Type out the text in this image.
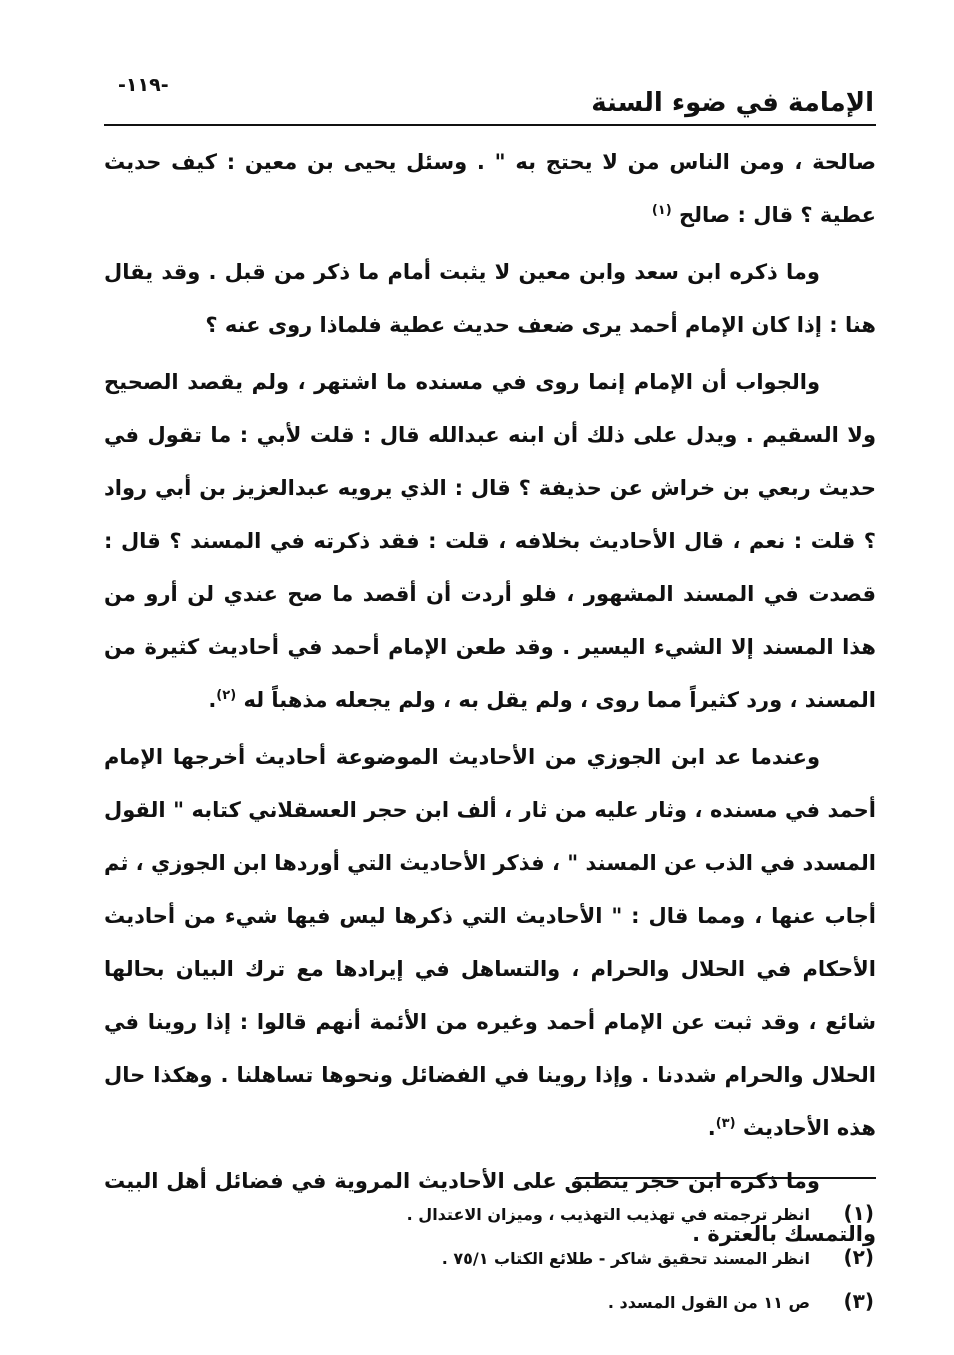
-١١٩-
الإمامة في ضوء السنة

صالحة ، ومن الناس من لا يحتج به " . وسئل يحيى بن معين : كيف حديث عطية ؟ قال : صالح $^{(١)}$

وما ذكره ابن سعد وابن معين لا يثبت أمام ما ذكر من قبل . وقد يقال هنا : إذا كان الإمام أحمد يرى ضعف حديث عطية فلماذا روى عنه ؟

والجواب أن الإمام إنما روى في مسنده ما اشتهر ، ولم يقصد الصحيح ولا السقيم . ويدل على ذلك أن ابنه عبدالله قال : قلت لأبي : ما تقول في حديث ربعي بن خراش عن حذيفة ؟ قال : الذي يرويه عبدالعزيز بن أبي رواد ؟ قلت : نعم ، قال الأحاديث بخلافه ، قلت : فقد ذكرته في المسند ؟ قال : قصدت في المسند المشهور ، فلو أردت أن أقصد ما صح عندي لن أرو من هذا المسند إلا الشيء اليسير . وقد طعن الإمام أحمد في أحاديث كثيرة من المسند ، ورد كثيراً مما روى ، ولم يقل به ، ولم يجعله مذهباً له $^{(٢)}$.

وعندما عد ابن الجوزي من الأحاديث الموضوعة أحاديث أخرجها الإمام أحمد في مسنده ، وثار عليه من ثار ، ألف ابن حجر العسقلاني كتابه " القول المسدد في الذب عن المسند " ، فذكر الأحاديث التي أوردها ابن الجوزي ، ثم أجاب عنها ، ومما قال : " الأحاديث التي ذكرها ليس فيها شيء من أحاديث الأحكام في الحلال والحرام ، والتساهل في إيرادها مع ترك البيان بحالها شائع ، وقد ثبت عن الإمام أحمد وغيره من الأئمة أنهم قالوا : إذا روينا في الحلال والحرام شددنا . وإذا روينا في الفضائل ونحوها تساهلنا . وهكذا حال هذه الأحاديث $^{(٣)}$.

وما ذكره ابن حجر ينطبق على الأحاديث المروية في فضائل أهل البيت والتمسك بالعترة .

(١)
انظر ترجمته في تهذيب التهذيب ، وميزان الاعتدال .
(٢)
انظر المسند تحقيق شاكر - طلائع الكتاب ٧٥/١ .
(٣)
ص ١١ من القول المسدد .
